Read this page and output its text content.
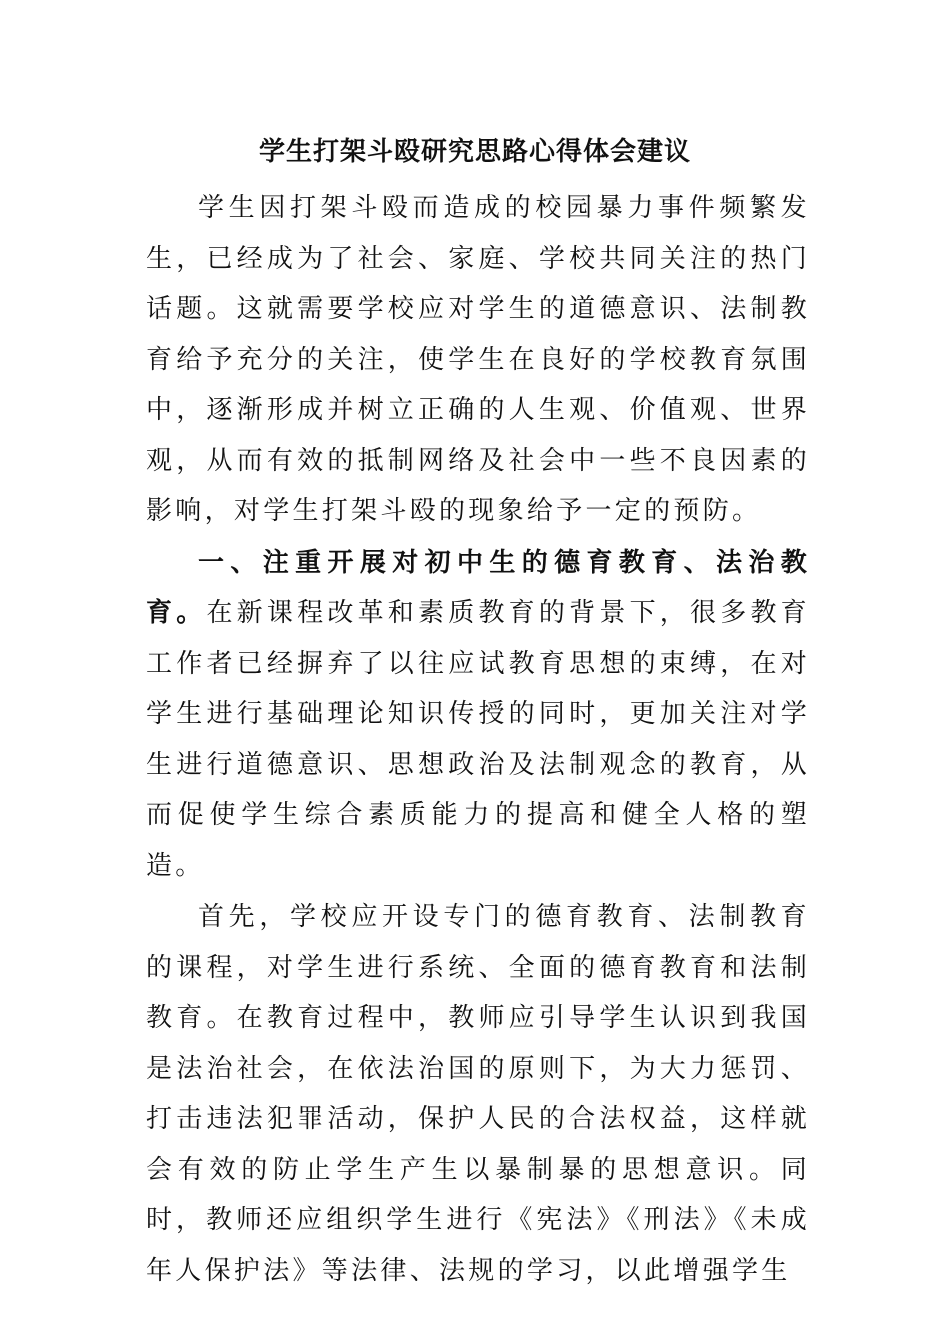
学生打架斗殴研究思路心得体会建议

学生因打架斗殴而造成的校园暴力事件频繁发生，已经成为了社会、家庭、学校共同关注的热门话题。这就需要学校应对学生的道德意识、法制教育给予充分的关注，使学生在良好的学校教育氛围中，逐渐形成并树立正确的人生观、价值观、世界观，从而有效的抵制网络及社会中一些不良因素的影响，对学生打架斗殴的现象给予一定的预防。

一、注重开展对初中生的德育教育、法治教育。在新课程改革和素质教育的背景下，很多教育工作者已经摒弃了以往应试教育思想的束缚，在对学生进行基础理论知识传授的同时，更加关注对学生进行道德意识、思想政治及法制观念的教育，从而促使学生综合素质能力的提高和健全人格的塑造。

首先，学校应开设专门的德育教育、法制教育的课程，对学生进行系统、全面的德育教育和法制教育。在教育过程中，教师应引导学生认识到我国是法治社会，在依法治国的原则下，为大力惩罚、打击违法犯罪活动，保护人民的合法权益，这样就会有效的防止学生产生以暴制暴的思想意识。同时，教师还应组织学生进行《宪法》《刑法》《未成年人保护法》等法律、法规的学习，以此增强学生
